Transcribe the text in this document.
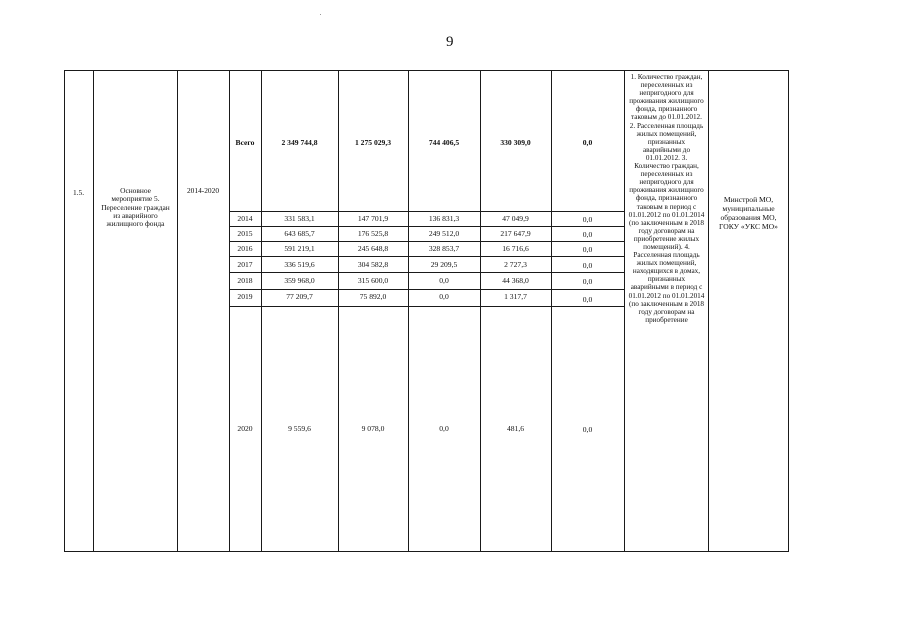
9
1.5.	Основное мероприятие 5. Переселение граждан из аварийного жилищного фонда
2014-2020
Всего	2 349 744,8	1 275 029,3	744 406,5	330 309,0	0,0
2014	331 583,1	147 701,9	136 831,3	47 049,9	0,0
2015	643 685,7	176 525,8	249 512,0	217 647,9	0,0
2016	591 219,1	245 648,8	328 853,7	16 716,6	0,0
2017	336 519,6	304 582,8	29 209,5	2 727,3	0,0
2018	359 968,0	315 600,0	0,0	44 368,0	0,0
2019	77 209,7	75 892,0	0,0	1 317,7	0,0
2020	9 559,6	9 078,0	0,0	481,6	0,0
1. Количество граждан, переселенных из непригодного для проживания жилищного фонда, признанного таковым до 01.01.2012. 2. Расселенная площадь жилых помещений, признанных аварийными до 01.01.2012. 3. Количество граждан, переселенных из непригодного для проживания жилищного фонда, признанного таковым в период с 01.01.2012 по 01.01.2014 (по заключенным в 2018 году договорам на приобретение жилых помещений). 4. Расселенная площадь жилых помещений, находящихся в домах, признанных аварийными в период с 01.01.2012 по 01.01.2014 (по заключенным в 2018 году договорам на приобретение
Минстрой МО, муниципальные образования МО, ГОКУ «УКС МО»
